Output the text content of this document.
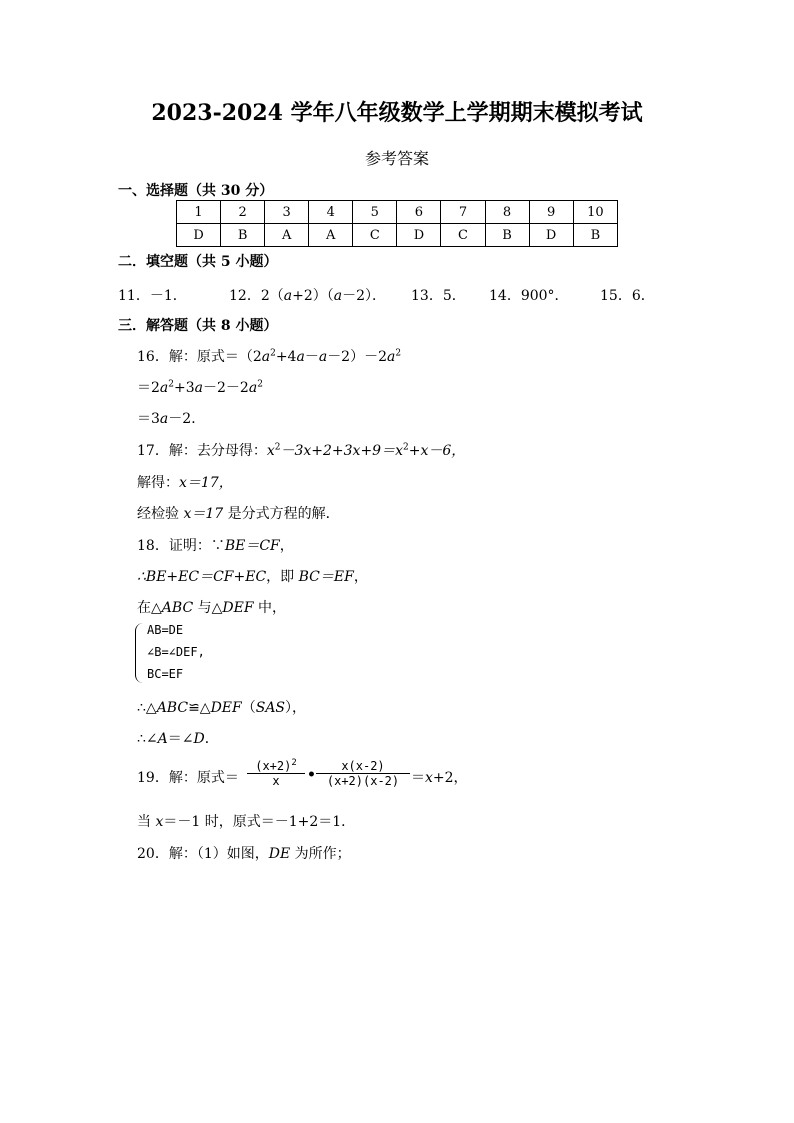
2023-2024 学年八年级数学上学期期末模拟考试
参考答案
一、选择题（共 30 分）
1	2	3	4	5	6	7	8	9	10
D	B	A	A	C	D	C	B	D	B
二．填空题（共 5 小题）
11．－1．	12．2（a+2）（a－2）． 13．5． 14．900°． 15．6．
三．解答题（共 8 小题）
16．解：原式$=(2a^2+4a-a-2)-2a^2$
$=2a^2+3a-2-2a^2$
＝3a－2．
17．解：去分母得：$x^2-3x+2+3x+9=x^2+x-6$，
解得：x＝17，
经检验 x＝17 是分式方程的解．
18．证明：∵BE＝CF，
∴BE+EC＝CF+EC，即 BC＝EF，
在△ABC 与△DEF 中，
AB=DE
∠B=∠DEF,
BC=EF
∴△ABC≌△DEF（SAS），
∴∠A＝∠D．
19．解：原式＝ $\frac{(x+2)^2}{x}$ • $\frac{x(x-2)}{(x+2)(x-2)} =x+2$，
当 x＝－1 时，原式＝－1+2＝1．
20．解：（1）如图，DE 为所作；
